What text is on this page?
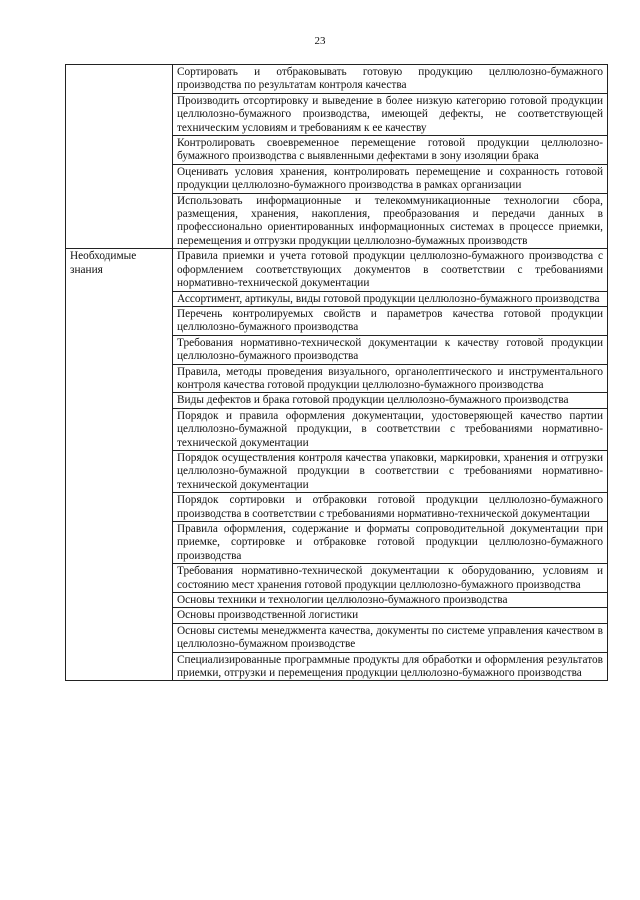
23
	Сортировать и отбраковывать готовую продукцию целлюлозно-бумажного производства по результатам контроля качества
	Производить отсортировку и выведение в более низкую категорию готовой продукции целлюлозно-бумажного производства, имеющей дефекты, не соответствующей техническим условиям и требованиям к ее качеству
	Контролировать своевременное перемещение готовой продукции целлюлозно-бумажного производства с выявленными дефектами в зону изоляции брака
	Оценивать условия хранения, контролировать перемещение и сохранность готовой продукции целлюлозно-бумажного производства в рамках организации
	Использовать информационные и телекоммуникационные технологии сбора, размещения, хранения, накопления, преобразования и передачи данных в профессионально ориентированных информационных системах в процессе приемки, перемещения и отгрузки продукции целлюлозно-бумажных производств
Необходимые знания	Правила приемки и учета готовой продукции целлюлозно-бумажного производства с оформлением соответствующих документов в соответствии с требованиями нормативно-технической документации
	Ассортимент, артикулы, виды готовой продукции целлюлозно-бумажного производства
	Перечень контролируемых свойств и параметров качества готовой продукции целлюлозно-бумажного производства
	Требования нормативно-технической документации к качеству готовой продукции целлюлозно-бумажного производства
	Правила, методы проведения визуального, органолептического и инструментального контроля качества готовой продукции целлюлозно-бумажного производства
	Виды дефектов и брака готовой продукции целлюлозно-бумажного производства
	Порядок и правила оформления документации, удостоверяющей качество партии целлюлозно-бумажной продукции, в соответствии с требованиями нормативно-технической документации
	Порядок осуществления контроля качества упаковки, маркировки, хранения и отгрузки целлюлозно-бумажной продукции в соответствии с требованиями нормативно-технической документации
	Порядок сортировки и отбраковки готовой продукции целлюлозно-бумажного производства в соответствии с требованиями нормативно-технической документации
	Правила оформления, содержание и форматы сопроводительной документации при приемке, сортировке и отбраковке готовой продукции целлюлозно-бумажного производства
	Требования нормативно-технической документации к оборудованию, условиям и состоянию мест хранения готовой продукции целлюлозно-бумажного производства
	Основы техники и технологии целлюлозно-бумажного производства
	Основы производственной логистики
	Основы системы менеджмента качества, документы по системе управления качеством в целлюлозно-бумажном производстве
	Специализированные программные продукты для обработки и оформления результатов приемки, отгрузки и перемещения продукции целлюлозно-бумажного производства
